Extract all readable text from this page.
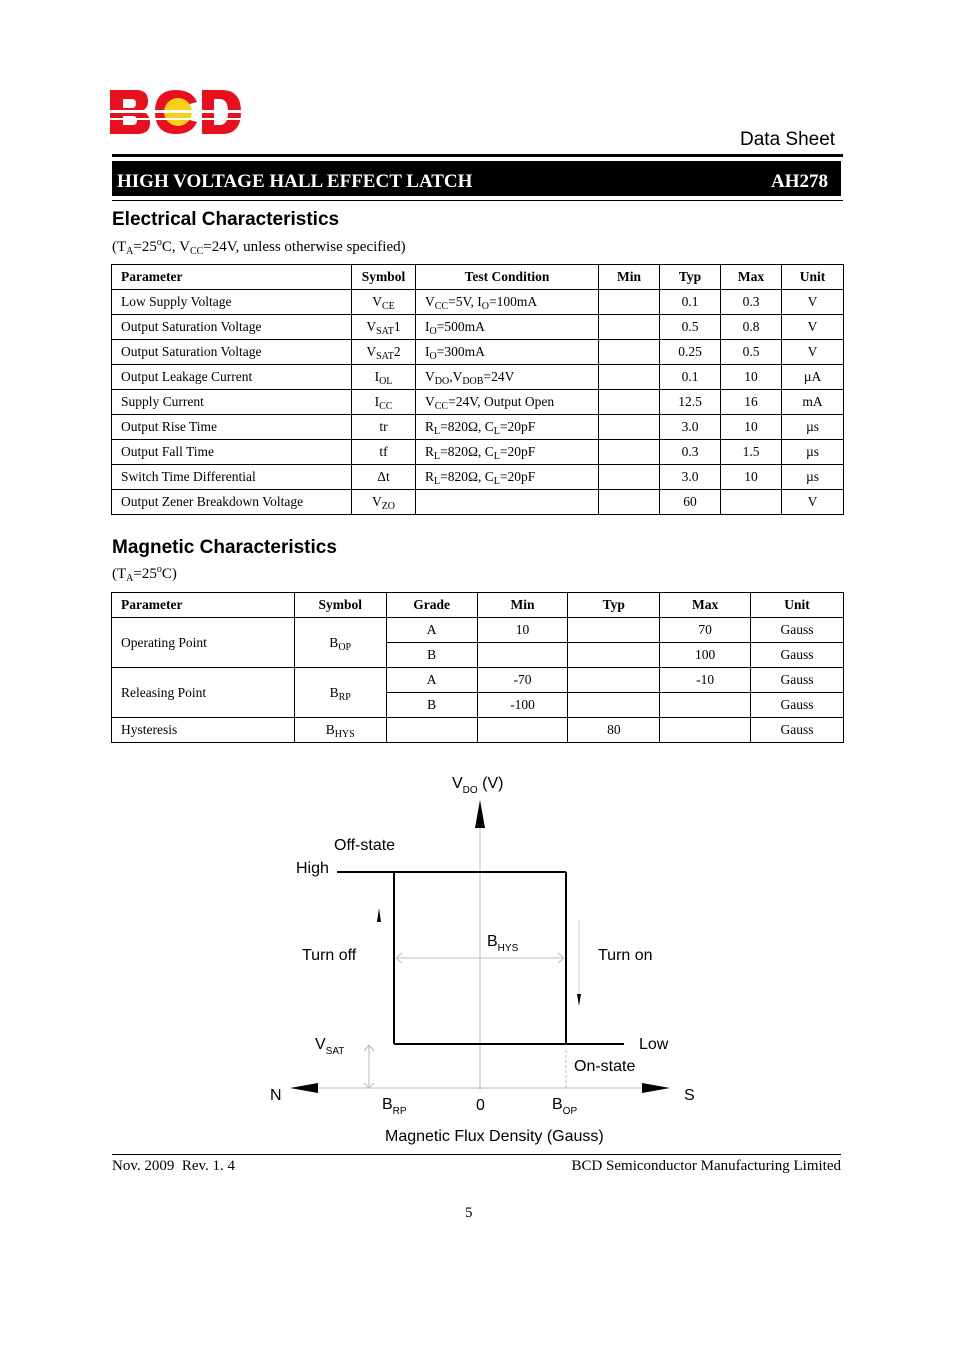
Data Sheet
HIGH VOLTAGE HALL EFFECT LATCH	AH278
Electrical Characteristics
($T_A=25^oC$, $V_{CC}=24V$, unless otherwise specified)
Parameter	Symbol	Test Condition	Min	Typ	Max	Unit
Low Supply Voltage	$V_{CE}$	$V_{CC}=5V$, $I_O=100mA$		0.1	0.3	V
Output Saturation Voltage	$V_{SAT}1$	$I_O=500mA$		0.5	0.8	V
Output Saturation Voltage	$V_{SAT}2$	$I_O=300mA$		0.25	0.5	V
Output Leakage Current	$I_{OL}$	$V_{DO},V_{DOB}=24V$		0.1	10	µA
Supply Current	$I_{CC}$	$V_{CC}=24V$, Output Open		12.5	16	mA
Output Rise Time	tr	$R_L=820\Omega$, $C_L=20pF$		3.0	10	µs
Output Fall Time	tf	$R_L=820\Omega$, $C_L=20pF$		0.3	1.5	µs
Switch Time Differential	Δt	$R_L=820\Omega$, $C_L=20pF$		3.0	10	µs
Output Zener Breakdown Voltage	$V_{ZO}$			60		V
Magnetic Characteristics
$(T_A=25^oC)$
Parameter	Symbol	Grade	Min	Typ	Max	Unit
Operating Point	$B_{OP}$	A	10		70	Gauss
		B			100	Gauss
Releasing Point	$B_{RP}$	A	-70		-10	Gauss
		B	-100			Gauss
Hysteresis	$B_{HYS}$			80		Gauss
$V_{DO}$ (V)
Off-state
High
Turn off
$B_{HYS}$	Turn on
$V_{SAT}$	Low
On-state
N	S
$B_{RP}$	0	$B_{OP}$
Magnetic Flux Density (Gauss)
Nov. 2009  Rev. 1. 4	BCD Semiconductor Manufacturing Limited
5
